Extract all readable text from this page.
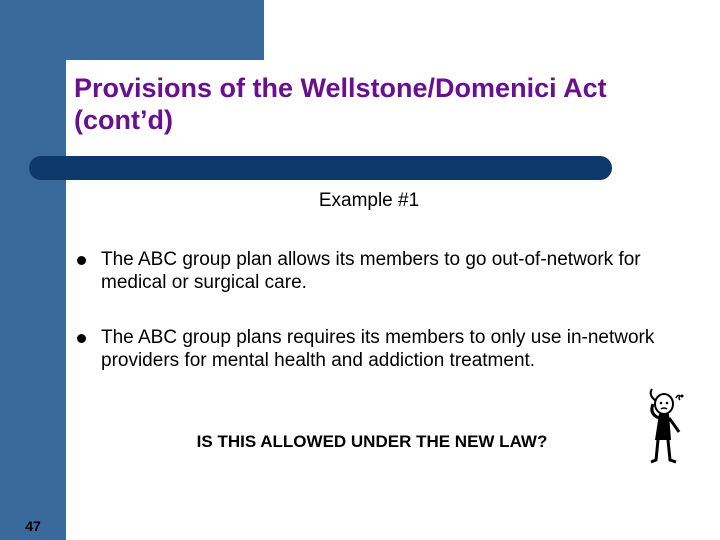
Provisions of the Wellstone/Domenici Act (cont’d)
Example #1
The ABC group plan allows its members to go out-of-network for medical or surgical care.
The ABC group plans requires its members to only use in-network providers for mental health and addiction treatment.
IS THIS ALLOWED UNDER THE NEW LAW?
47
